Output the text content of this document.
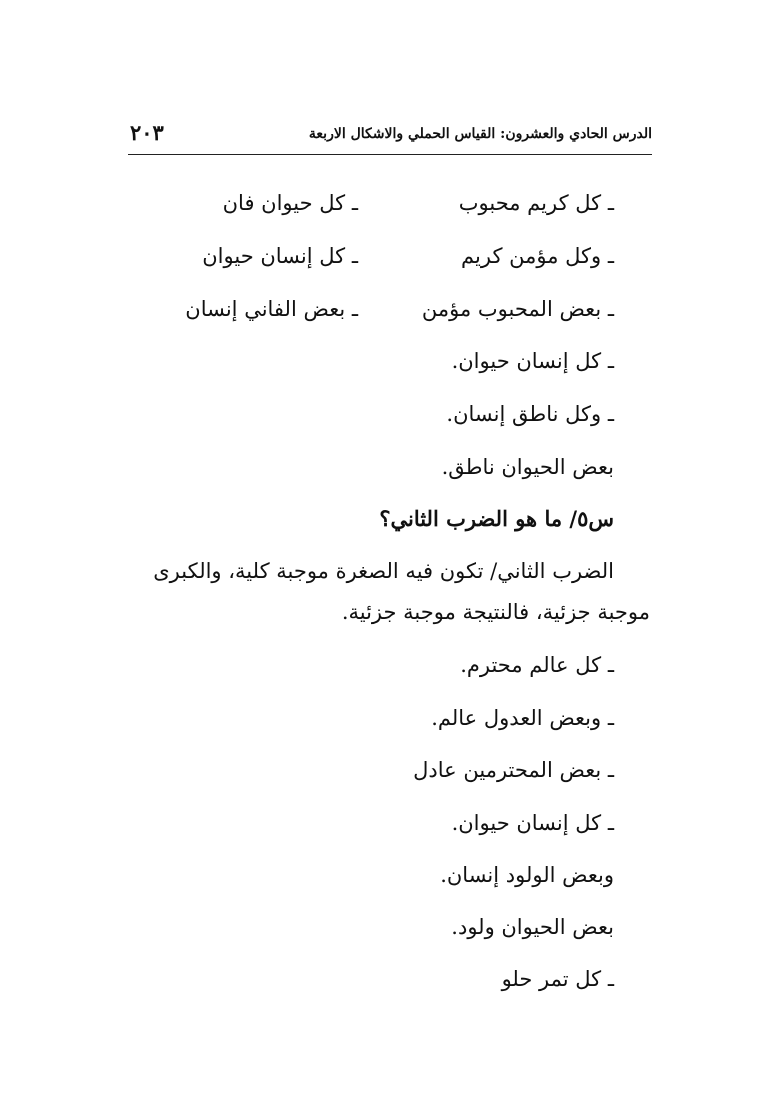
الدرس الحادي والعشرون: القياس الحملي والاشكال الاربعة
٢٠٣
ـ كل كريم محبوب
ـ كل حيوان فان
ـ وكل مؤمن كريم
ـ كل إنسان حيوان
ـ بعض المحبوب مؤمن
ـ بعض الفاني إنسان
ـ كل إنسان حيوان.
ـ وكل ناطق إنسان.
بعض الحيوان ناطق.
س٥/ ما هو الضرب الثاني؟
الضرب الثاني/ تكون فيه الصغرة موجبة كلية، والكبرى
موجبة جزئية، فالنتيجة موجبة جزئية.
ـ كل عالم محترم.
ـ وبعض العدول عالم.
ـ بعض المحترمين عادل
ـ كل إنسان حيوان.
وبعض الولود إنسان.
بعض الحيوان ولود.
ـ كل تمر حلو
